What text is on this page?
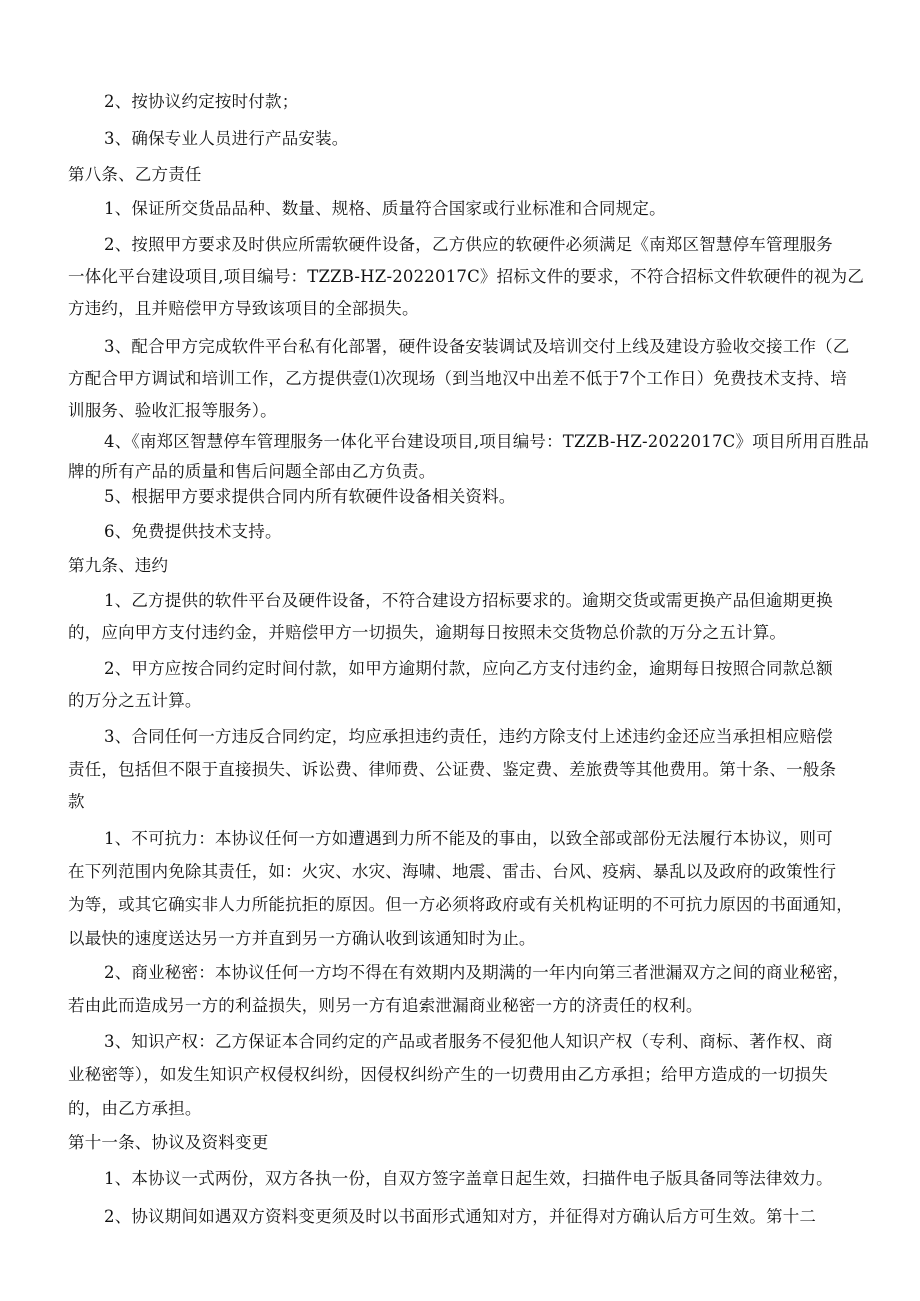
2、按协议约定按时付款；
3、确保专业人员进行产品安装。
第八条、乙方责任
1、保证所交货品品种、数量、规格、质量符合国家或行业标准和合同规定。
2、按照甲方要求及时供应所需软硬件设备，乙方供应的软硬件必须满足《南郑区智慧停车管理服务
一体化平台建设项目,项目编号：TZZB-HZ-2022017C》招标文件的要求，不符合招标文件软硬件的视为乙
方违约，且并赔偿甲方导致该项目的全部损失。
3、配合甲方完成软件平台私有化部署，硬件设备安装调试及培训交付上线及建设方验收交接工作（乙
方配合甲方调试和培训工作，乙方提供壹⑴次现场（到当地汉中出差不低于7个工作日）免费技术支持、培
训服务、验收汇报等服务）。
4、《南郑区智慧停车管理服务一体化平台建设项目,项目编号：TZZB-HZ-2022017C》项目所用百胜品
牌的所有产品的质量和售后问题全部由乙方负责。
5、根据甲方要求提供合同内所有软硬件设备相关资料。
6、免费提供技术支持。
第九条、违约
1、乙方提供的软件平台及硬件设备，不符合建设方招标要求的。逾期交货或需更换产品但逾期更换
的，应向甲方支付违约金，并赔偿甲方一切损失，逾期每日按照未交货物总价款的万分之五计算。
2、甲方应按合同约定时间付款，如甲方逾期付款，应向乙方支付违约金，逾期每日按照合同款总额
的万分之五计算。
3、合同任何一方违反合同约定，均应承担违约责任，违约方除支付上述违约金还应当承担相应赔偿
责任，包括但不限于直接损失、诉讼费、律师费、公证费、鉴定费、差旅费等其他费用。第十条、一般条
款
1、不可抗力：本协议任何一方如遭遇到力所不能及的事由，以致全部或部份无法履行本协议，则可
在下列范围内免除其责任，如：火灾、水灾、海啸、地震、雷击、台风、疫病、暴乱以及政府的政策性行
为等，或其它确实非人力所能抗拒的原因。但一方必须将政府或有关机构证明的不可抗力原因的书面通知，
以最快的速度送达另一方并直到另一方确认收到该通知时为止。
2、商业秘密：本协议任何一方均不得在有效期内及期满的一年内向第三者泄漏双方之间的商业秘密，
若由此而造成另一方的利益损失，则另一方有追索泄漏商业秘密一方的济责任的权利。
3、知识产权：乙方保证本合同约定的产品或者服务不侵犯他人知识产权（专利、商标、著作权、商
业秘密等），如发生知识产权侵权纠纷，因侵权纠纷产生的一切费用由乙方承担；给甲方造成的一切损失
的，由乙方承担。
第十一条、协议及资料变更
1、本协议一式两份，双方各执一份，自双方签字盖章日起生效，扫描件电子版具备同等法律效力。
2、协议期间如遇双方资料变更须及时以书面形式通知对方，并征得对方确认后方可生效。第十二
